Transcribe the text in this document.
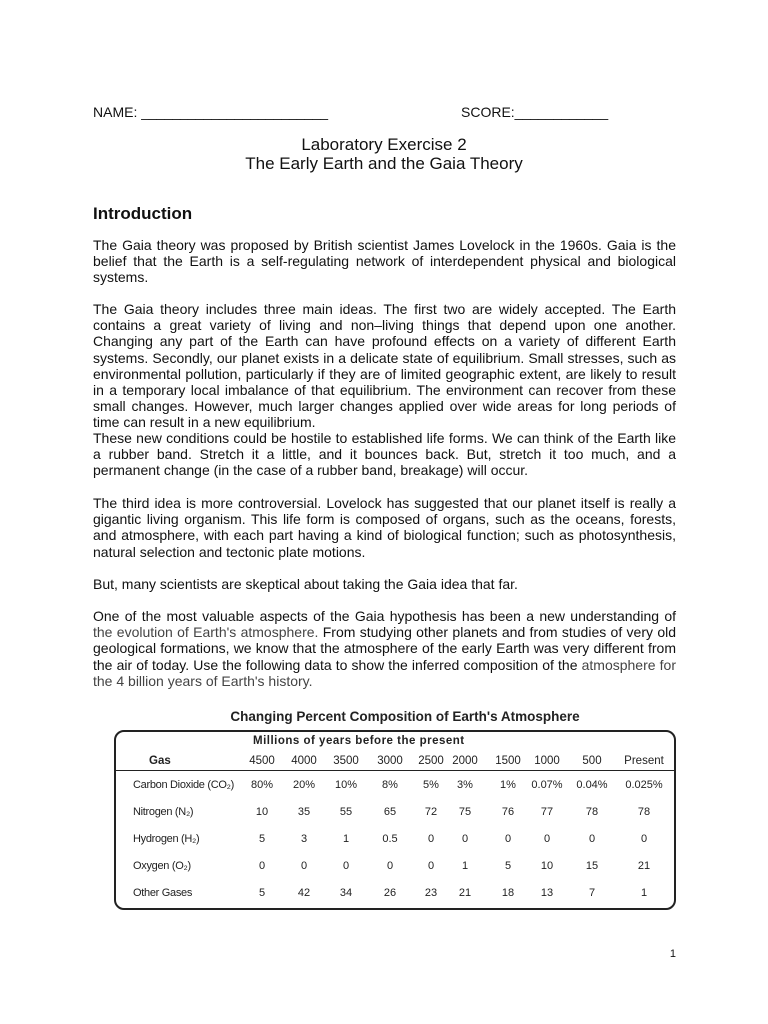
NAME: ________________________	SCORE:____________
Laboratory Exercise 2
The Early Earth and the Gaia Theory
Introduction

The Gaia theory was proposed by British scientist James Lovelock in the 1960s. Gaia is the belief that the Earth is a self-regulating network of interdependent physical and biological systems.

The Gaia theory includes three main ideas. The first two are widely accepted. The Earth contains a great variety of living and non–living things that depend upon one another. Changing any part of the Earth can have profound effects on a variety of different Earth systems. Secondly, our planet exists in a delicate state of equilibrium. Small stresses, such as environmental pollution, particularly if they are of limited geographic extent, are likely to result in a temporary local imbalance of that equilibrium. The environment can recover from these small changes. However, much larger changes applied over wide areas for long periods of time can result in a new equilibrium.

These new conditions could be hostile to established life forms. We can think of the Earth like a rubber band. Stretch it a little, and it bounces back. But, stretch it too much, and a permanent change (in the case of a rubber band, breakage) will occur.

The third idea is more controversial. Lovelock has suggested that our planet itself is really a gigantic living organism. This life form is composed of organs, such as the oceans, forests, and atmosphere, with each part having a kind of biological function; such as photosynthesis, natural selection and tectonic plate motions.

But, many scientists are skeptical about taking the Gaia idea that far.

One of the most valuable aspects of the Gaia hypothesis has been a new understanding of the evolution of Earth's atmosphere. From studying other planets and from studies of very old geological formations, we know that the atmosphere of the early Earth was very different from the air of today. Use the following data to show the inferred composition of the atmosphere for the 4 billion years of Earth's history.

Changing Percent Composition of Earth's Atmosphere
Millions of years before the present
Gas	4500	4000	3500	3000	2500 2000	1500	1000	500	Present
Carbon Dioxide (CO₂)	80%	20%	10%	8%	5%	3%	1%	0.07%	0.04%	0.025%
Nitrogen (N₂)	10	35	55	65	72	75	76	77	78	78
Hydrogen (H₂)	5	3	1	0.5	0	0	0	0	0	0
Oxygen (O₂)	0	0	0	0	0	1	5	10	15	21
Other Gases	5	42	34	26	23	21	18	13	7	1
1
